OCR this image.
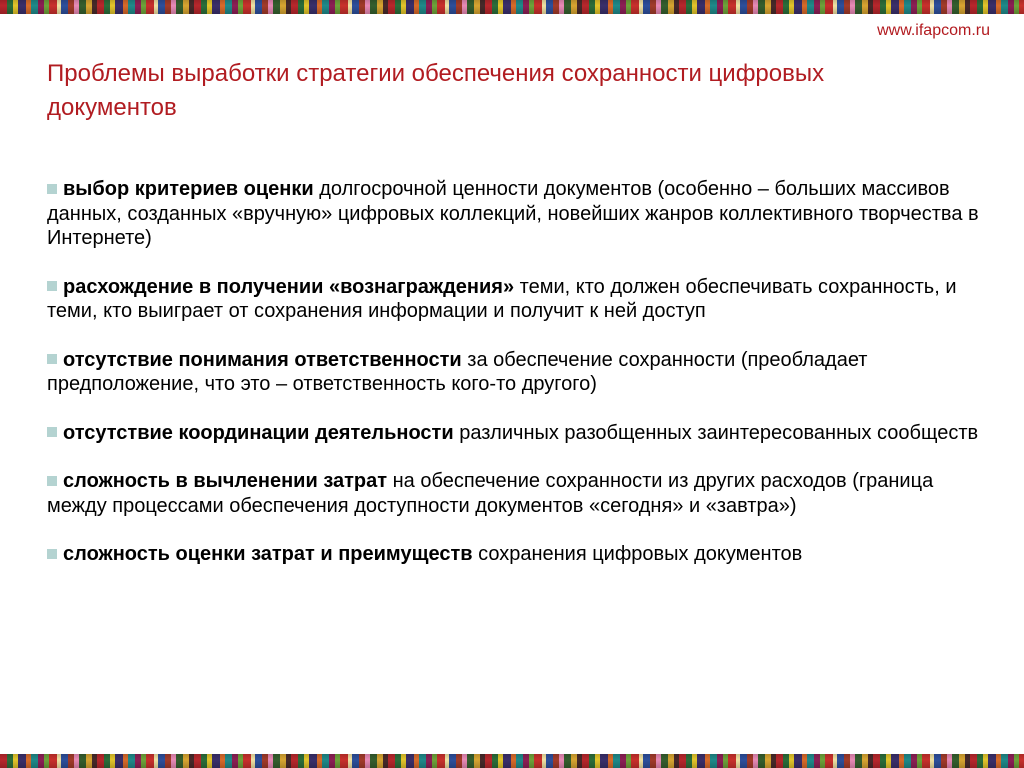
www.ifapcom.ru
Проблемы выработки стратегии обеспечения сохранности цифровых документов
выбор критериев оценки долгосрочной ценности документов (особенно – больших массивов данных, созданных «вручную» цифровых коллекций, новейших жанров коллективного творчества в Интернете)
расхождение в получении «вознаграждения» теми, кто должен обеспечивать сохранность, и теми, кто выиграет от сохранения информации и получит к ней доступ
отсутствие понимания ответственности за обеспечение сохранности (преобладает предположение, что это – ответственность кого-то другого)
отсутствие координации деятельности различных разобщенных заинтересованных сообществ
сложность в вычленении затрат на обеспечение сохранности из других расходов (граница между процессами обеспечения доступности документов «сегодня» и «завтра»)
сложность оценки затрат и преимуществ сохранения цифровых документов
